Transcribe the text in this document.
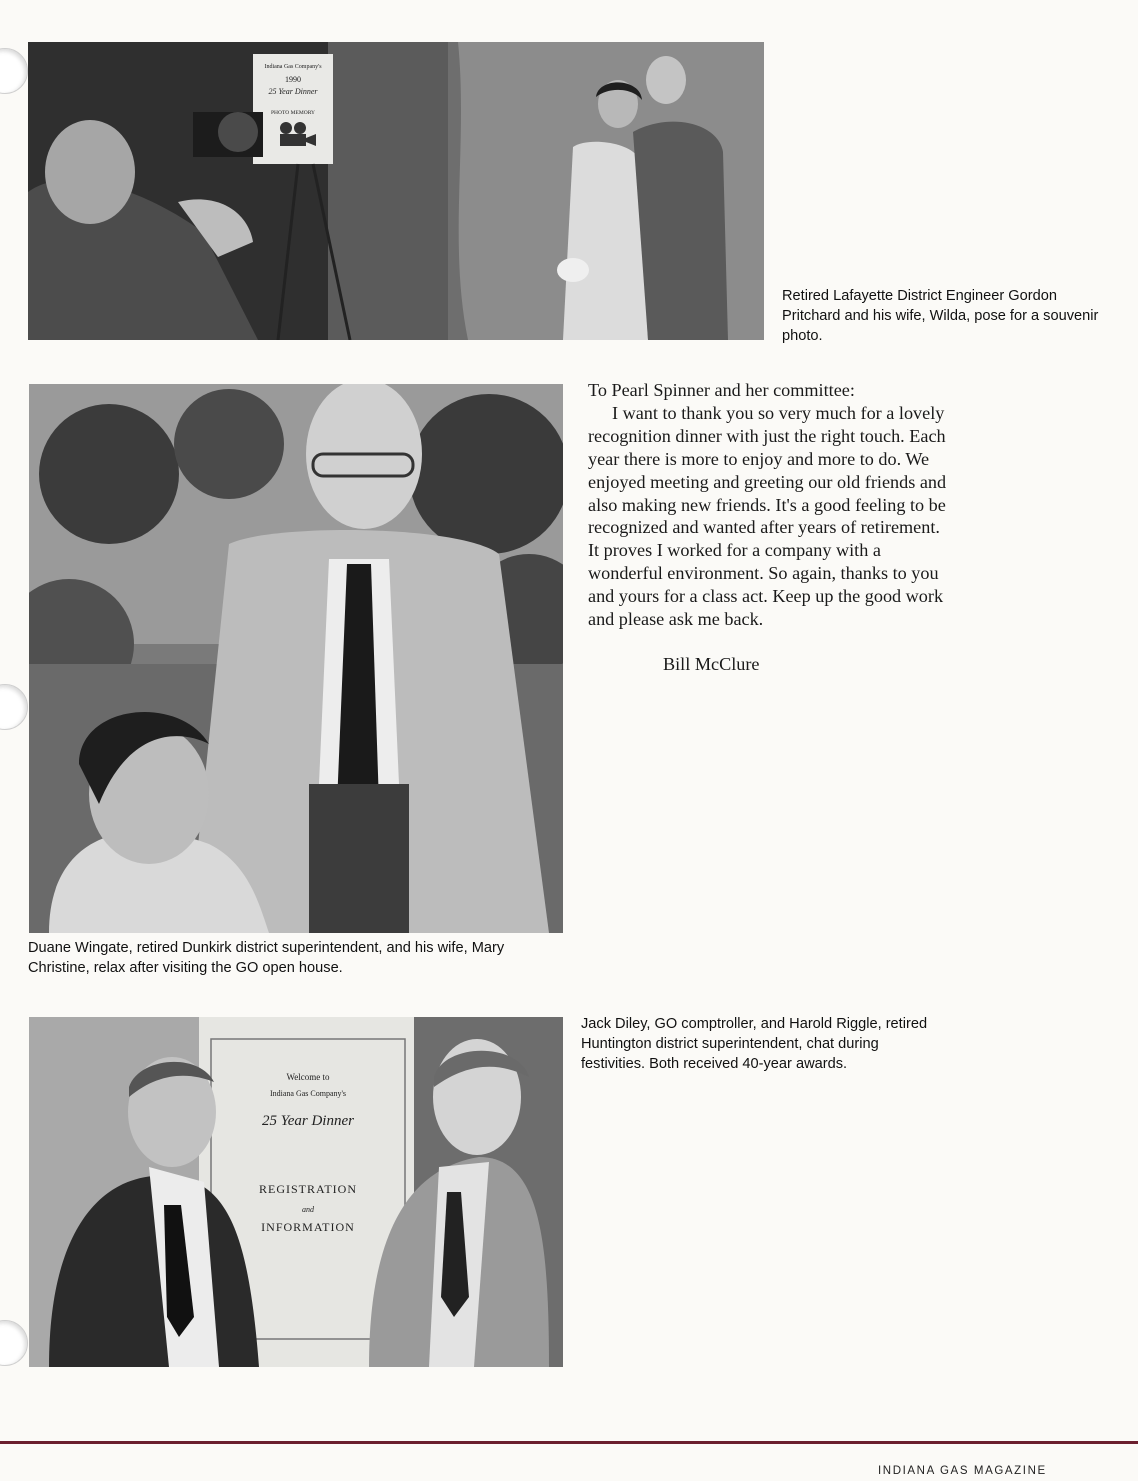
Indiana Gas Company's
1990
25 Year Dinner
PHOTO MEMORY

Retired Lafayette District Engineer Gordon Pritchard and his wife, Wilda, pose for a souvenir photo.

Duane Wingate, retired Dunkirk district superintendent, and his wife, Mary Christine, relax after visiting the GO open house.

To Pearl Spinner and her committee:

I want to thank you so very much for a lovely recognition dinner with just the right touch. Each year there is more to enjoy and more to do. We enjoyed meeting and greeting our old friends and also making new friends. It's a good feeling to be recognized and wanted after years of retirement. It proves I worked for a company with a wonderful environment. So again, thanks to you and yours for a class act. Keep up the good work and please ask me back.

Bill McClure

Welcome to
Indiana Gas Company's
25 Year Dinner
REGISTRATION
and
INFORMATION

Jack Diley, GO comptroller, and Harold Riggle, retired Huntington district superintendent, chat during festivities. Both received 40-year awards.

INDIANA GAS MAGAZINE
